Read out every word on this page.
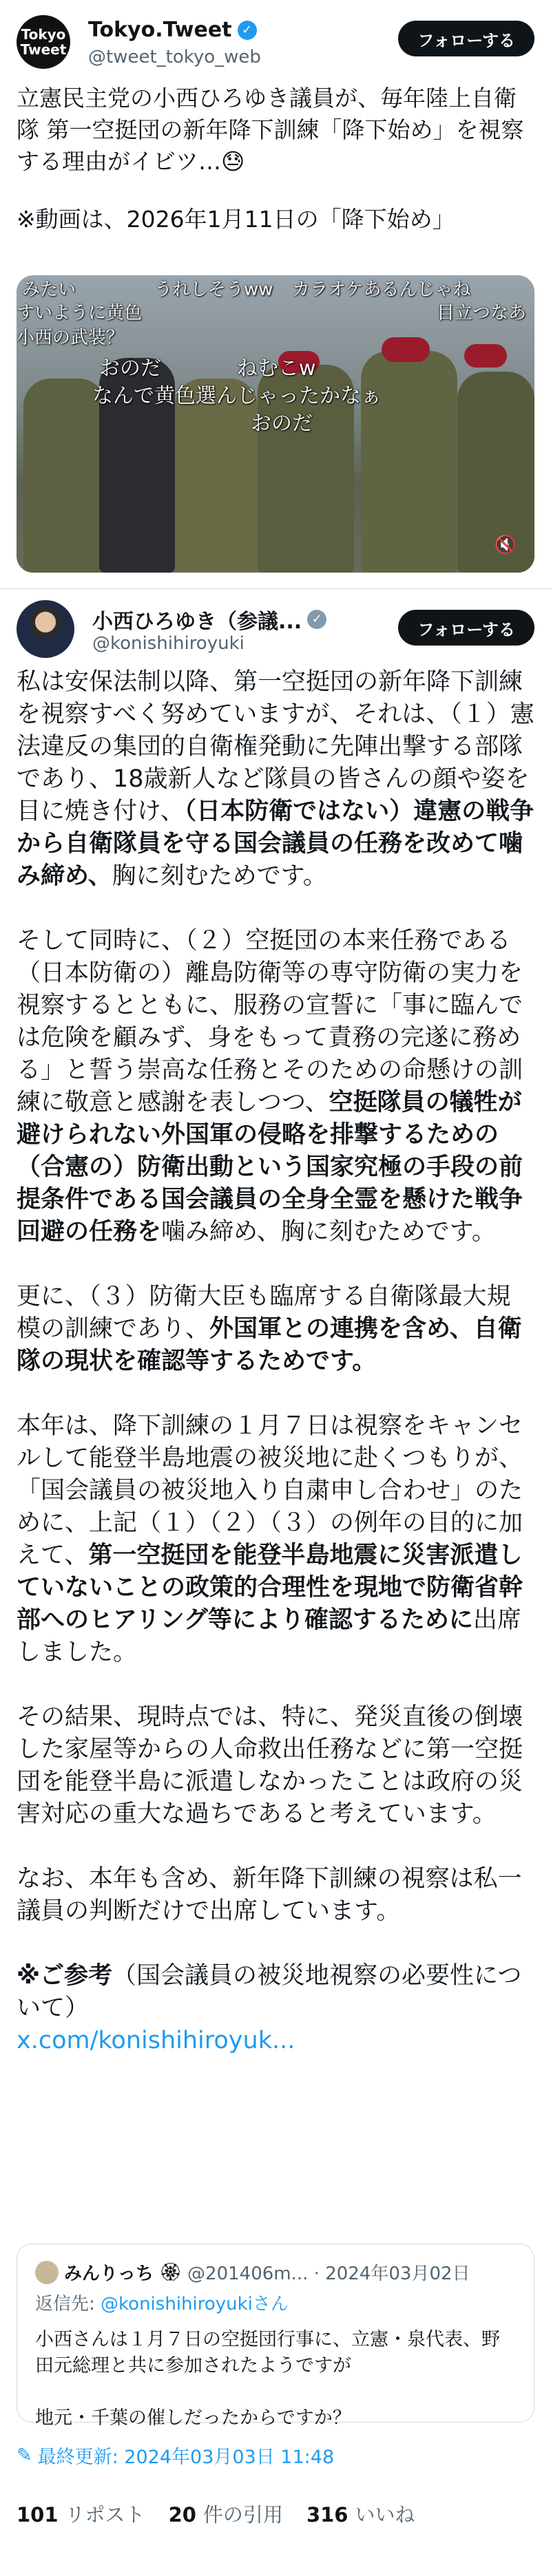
Tokyo
Tweet
Tokyo.Tweet ✓
@tweet_tokyo_web
フォローする

立憲民主党の小西ひろゆき議員が、毎年陸上自衛隊 第一空挺団の新年降下訓練「降下始め」を視察する理由がイビツ…😓

※動画は、2026年1月11日の「降下始め」

みたい	うれしそうww カラオケあるんじゃね
すいように黄色	目立つなあ
小西の武装？
おのだ	ねむこw
なんで黄色選んじゃったかなぁ
おのだ
🔇
小西ひろゆき（参議... ✓
@konishihiroyuki
フォローする

私は安保法制以降、第一空挺団の新年降下訓練を視察すべく努めていますが、それは、（１）憲法違反の集団的自衛権発動に先陣出撃する部隊であり、18歳新人など隊員の皆さんの顔や姿を目に焼き付け、（日本防衛ではない）違憲の戦争から自衛隊員を守る国会議員の任務を改めて噛み締め、胸に刻むためです。

そして同時に、（２）空挺団の本来任務である（日本防衛の）離島防衛等の専守防衛の実力を視察するとともに、服務の宣誓に「事に臨んでは危険を顧みず、身をもって責務の完遂に務める」と誓う崇高な任務とそのための命懸けの訓練に敬意と感謝を表しつつ、空挺隊員の犠牲が避けられない外国軍の侵略を排撃するための（合憲の）防衛出動という国家究極の手段の前提条件である国会議員の全身全霊を懸けた戦争回避の任務を噛み締め、胸に刻むためです。

更に、（３）防衛大臣も臨席する自衛隊最大規模の訓練であり、外国軍との連携を含め、自衛隊の現状を確認等するためです。

本年は、降下訓練の１月７日は視察をキャンセルして能登半島地震の被災地に赴くつもりが、「国会議員の被災地入り自粛申し合わせ」のために、上記（１）（２）（３）の例年の目的に加えて、第一空挺団を能登半島地震に災害派遣していないことの政策的合理性を現地で防衛省幹部へのヒアリング等により確認するために出席しました。

その結果、現時点では、特に、発災直後の倒壊した家屋等からの人命救出任務などに第一空挺団を能登半島に派遣しなかったことは政府の災害対応の重大な過ちであると考えています。

なお、本年も含め、新年降下訓練の視察は私一議員の判断だけで出席しています。

※ご参考（国会議員の被災地視察の必要性について）
x.com/konishihiroyuk...

みんりっち 🏵 @201406m... · 2024年03月02日
返信先: @konishihiroyukiさん

小西さんは１月７日の空挺団行事に、立憲・泉代表、野田元総理と共に参加されたようですが

地元・千葉の催しだったからですか？

✎ 最終更新: 2024年03月03日 11:48
101 リポスト 20 件の引用 316 いいね
